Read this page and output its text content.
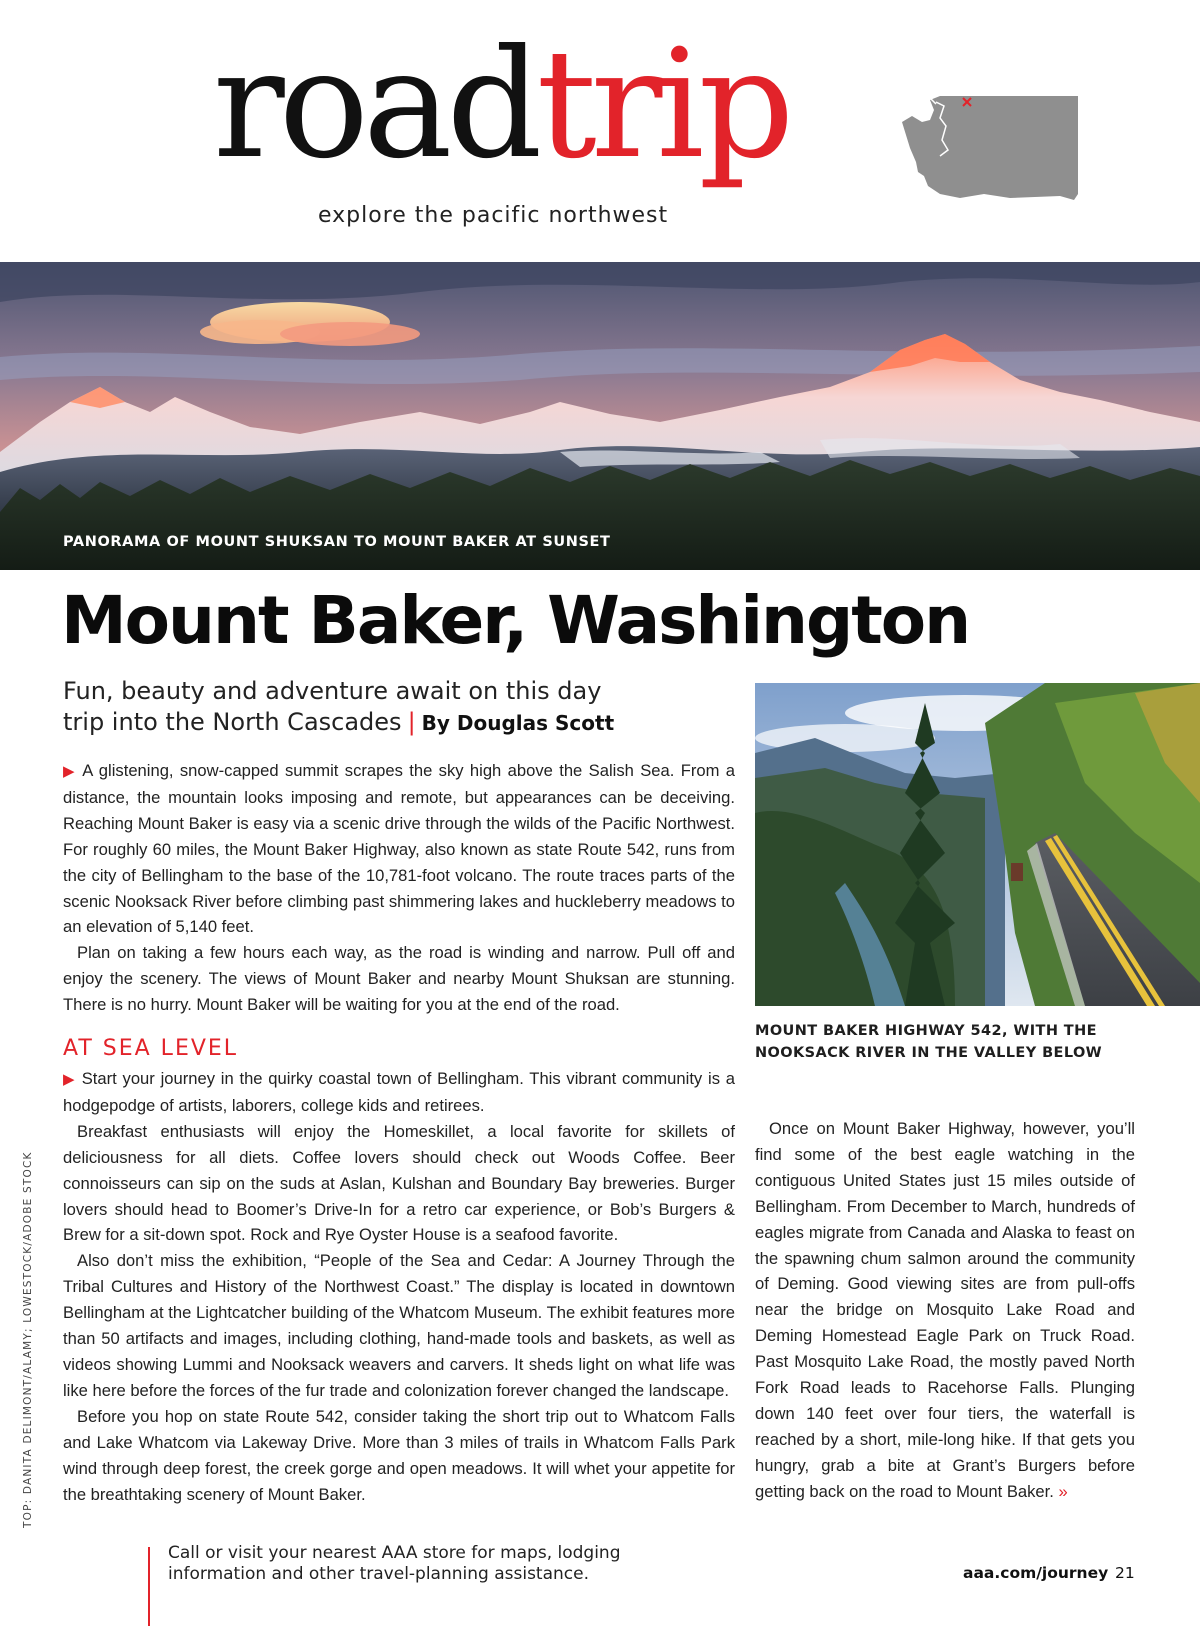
roadtrip
explore the pacific northwest
PANORAMA OF MOUNT SHUKSAN TO MOUNT BAKER AT SUNSET
Mount Baker, Washington
Fun, beauty and adventure await on this day
trip into the North Cascades | By Douglas Scott

▶ A glistening, snow-capped summit scrapes the sky high above the Salish Sea. From a distance, the mountain looks imposing and remote, but appearances can be deceiving. Reaching Mount Baker is easy via a scenic drive through the wilds of the Pacific Northwest. For roughly 60 miles, the Mount Baker Highway, also known as state Route 542, runs from the city of Bellingham to the base of the 10,781-foot volcano. The route traces parts of the scenic Nooksack River before climbing past shimmering lakes and huckleberry meadows to an elevation of 5,140 feet.

Plan on taking a few hours each way, as the road is winding and narrow. Pull off and enjoy the scenery. The views of Mount Baker and nearby Mount Shuksan are stunning. There is no hurry. Mount Baker will be waiting for you at the end of the road.

AT SEA LEVEL

▶ Start your journey in the quirky coastal town of Bellingham. This vibrant community is a hodgepodge of artists, laborers, college kids and retirees.

Breakfast enthusiasts will enjoy the Homeskillet, a local favorite for skillets of deliciousness for all diets. Coffee lovers should check out Woods Coffee. Beer connoisseurs can sip on the suds at Aslan, Kulshan and Boundary Bay breweries. Burger lovers should head to Boomer’s Drive-In for a retro car experience, or Bob’s Burgers & Brew for a sit-down spot. Rock and Rye Oyster House is a seafood favorite.

Also don’t miss the exhibition, “People of the Sea and Cedar: A Journey Through the Tribal Cultures and History of the Northwest Coast.” The display is located in downtown Bellingham at the Lightcatcher building of the Whatcom Museum. The exhibit features more than 50 artifacts and images, including clothing, hand-made tools and baskets, as well as videos showing Lummi and Nooksack weavers and carvers. It sheds light on what life was like here before the forces of the fur trade and colonization forever changed the landscape.

Before you hop on state Route 542, consider taking the short trip out to Whatcom Falls and Lake Whatcom via Lakeway Drive. More than 3 miles of trails in Whatcom Falls Park wind through deep forest, the creek gorge and open meadows. It will whet your appetite for the breathtaking scenery of Mount Baker.

MOUNT BAKER HIGHWAY 542, WITH THE NOOKSACK RIVER IN THE VALLEY BELOW

Once on Mount Baker Highway, however, you’ll find some of the best eagle watching in the contiguous United States just 15 miles outside of Bellingham. From December to March, hundreds of eagles migrate from Canada and Alaska to feast on the spawning chum salmon around the community of Deming. Good viewing sites are from pull-offs near the bridge on Mosquito Lake Road and Deming Homestead Eagle Park on Truck Road. Past Mosquito Lake Road, the mostly paved North Fork Road leads to Racehorse Falls. Plunging down 140 feet over four tiers, the waterfall is reached by a short, mile-long hike. If that gets you hungry, grab a bite at Grant’s Burgers before getting back on the road to Mount Baker. »

TOP: DANITA DELIMONT/ALAMY; LOWESTOCK/ADOBE STOCK
Call or visit your nearest AAA store for maps, lodging information and other travel-planning assistance.	aaa.com/journey 21
